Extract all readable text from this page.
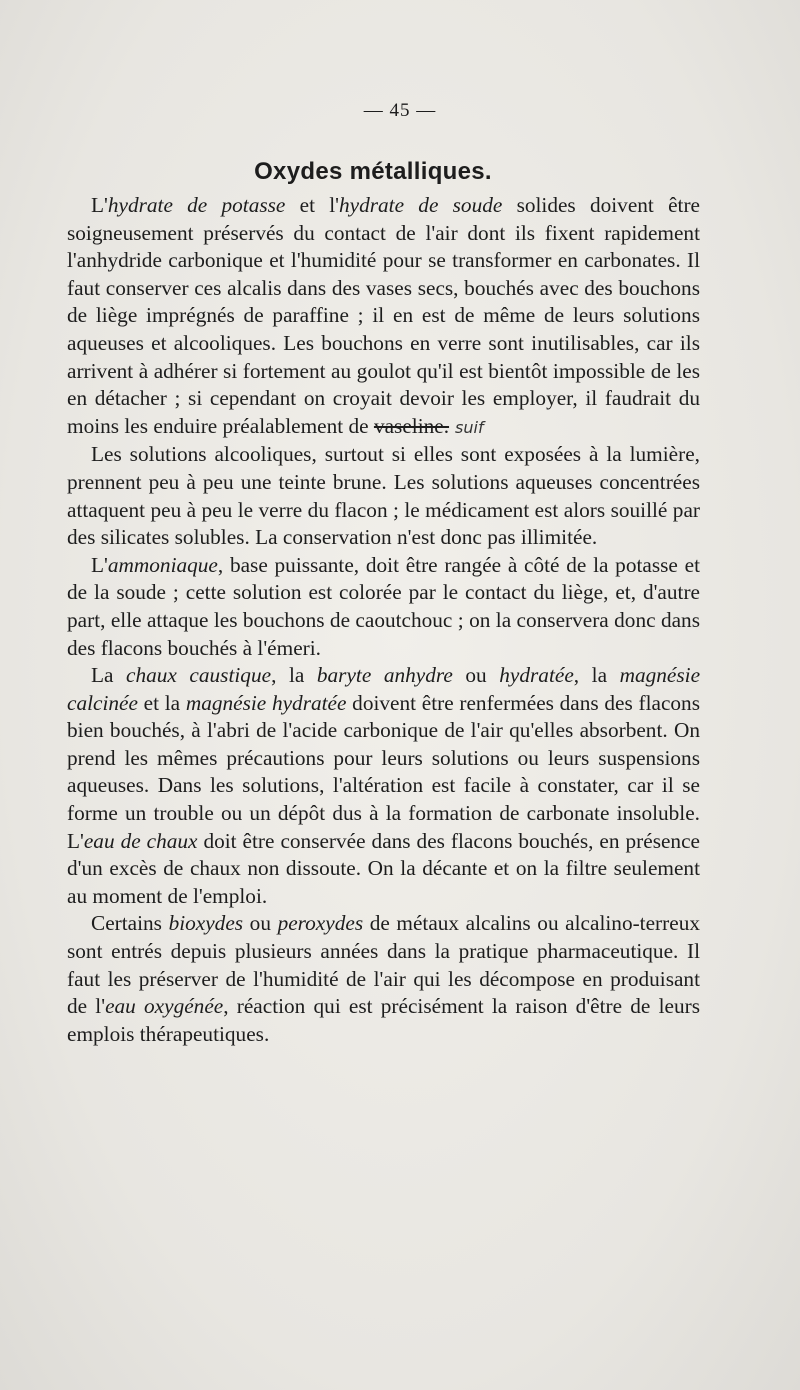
— 45 —
Oxydes métalliques.

L'hydrate de potasse et l'hydrate de soude solides doivent être soigneusement préservés du contact de l'air dont ils fixent rapidement l'anhydride carbonique et l'humidité pour se transformer en carbonates. Il faut conserver ces alcalis dans des vases secs, bouchés avec des bouchons de liège imprégnés de paraffine ; il en est de même de leurs solutions aqueuses et alcooliques. Les bouchons en verre sont inutilisables, car ils arrivent à adhérer si fortement au goulot qu'il est bientôt impossible de les en détacher ; si cependant on croyait devoir les employer, il faudrait du moins les enduire préalablement de vaseline. suif

Les solutions alcooliques, surtout si elles sont exposées à la lumière, prennent peu à peu une teinte brune. Les solutions aqueuses concentrées attaquent peu à peu le verre du flacon ; le médicament est alors souillé par des silicates solubles. La conservation n'est donc pas illimitée.

L'ammoniaque, base puissante, doit être rangée à côté de la potasse et de la soude ; cette solution est colorée par le contact du liège, et, d'autre part, elle attaque les bouchons de caoutchouc ; on la conservera donc dans des flacons bouchés à l'émeri.

La chaux caustique, la baryte anhydre ou hydratée, la magnésie calcinée et la magnésie hydratée doivent être renfermées dans des flacons bien bouchés, à l'abri de l'acide carbonique de l'air qu'elles absorbent. On prend les mêmes précautions pour leurs solutions ou leurs suspensions aqueuses. Dans les solutions, l'altération est facile à constater, car il se forme un trouble ou un dépôt dus à la formation de carbonate insoluble. L'eau de chaux doit être conservée dans des flacons bouchés, en présence d'un excès de chaux non dissoute. On la décante et on la filtre seulement au moment de l'emploi.

Certains bioxydes ou peroxydes de métaux alcalins ou alcalino-terreux sont entrés depuis plusieurs années dans la pratique pharmaceutique. Il faut les préserver de l'humidité de l'air qui les décompose en produisant de l'eau oxygénée, réaction qui est précisément la raison d'être de leurs emplois thérapeutiques.
